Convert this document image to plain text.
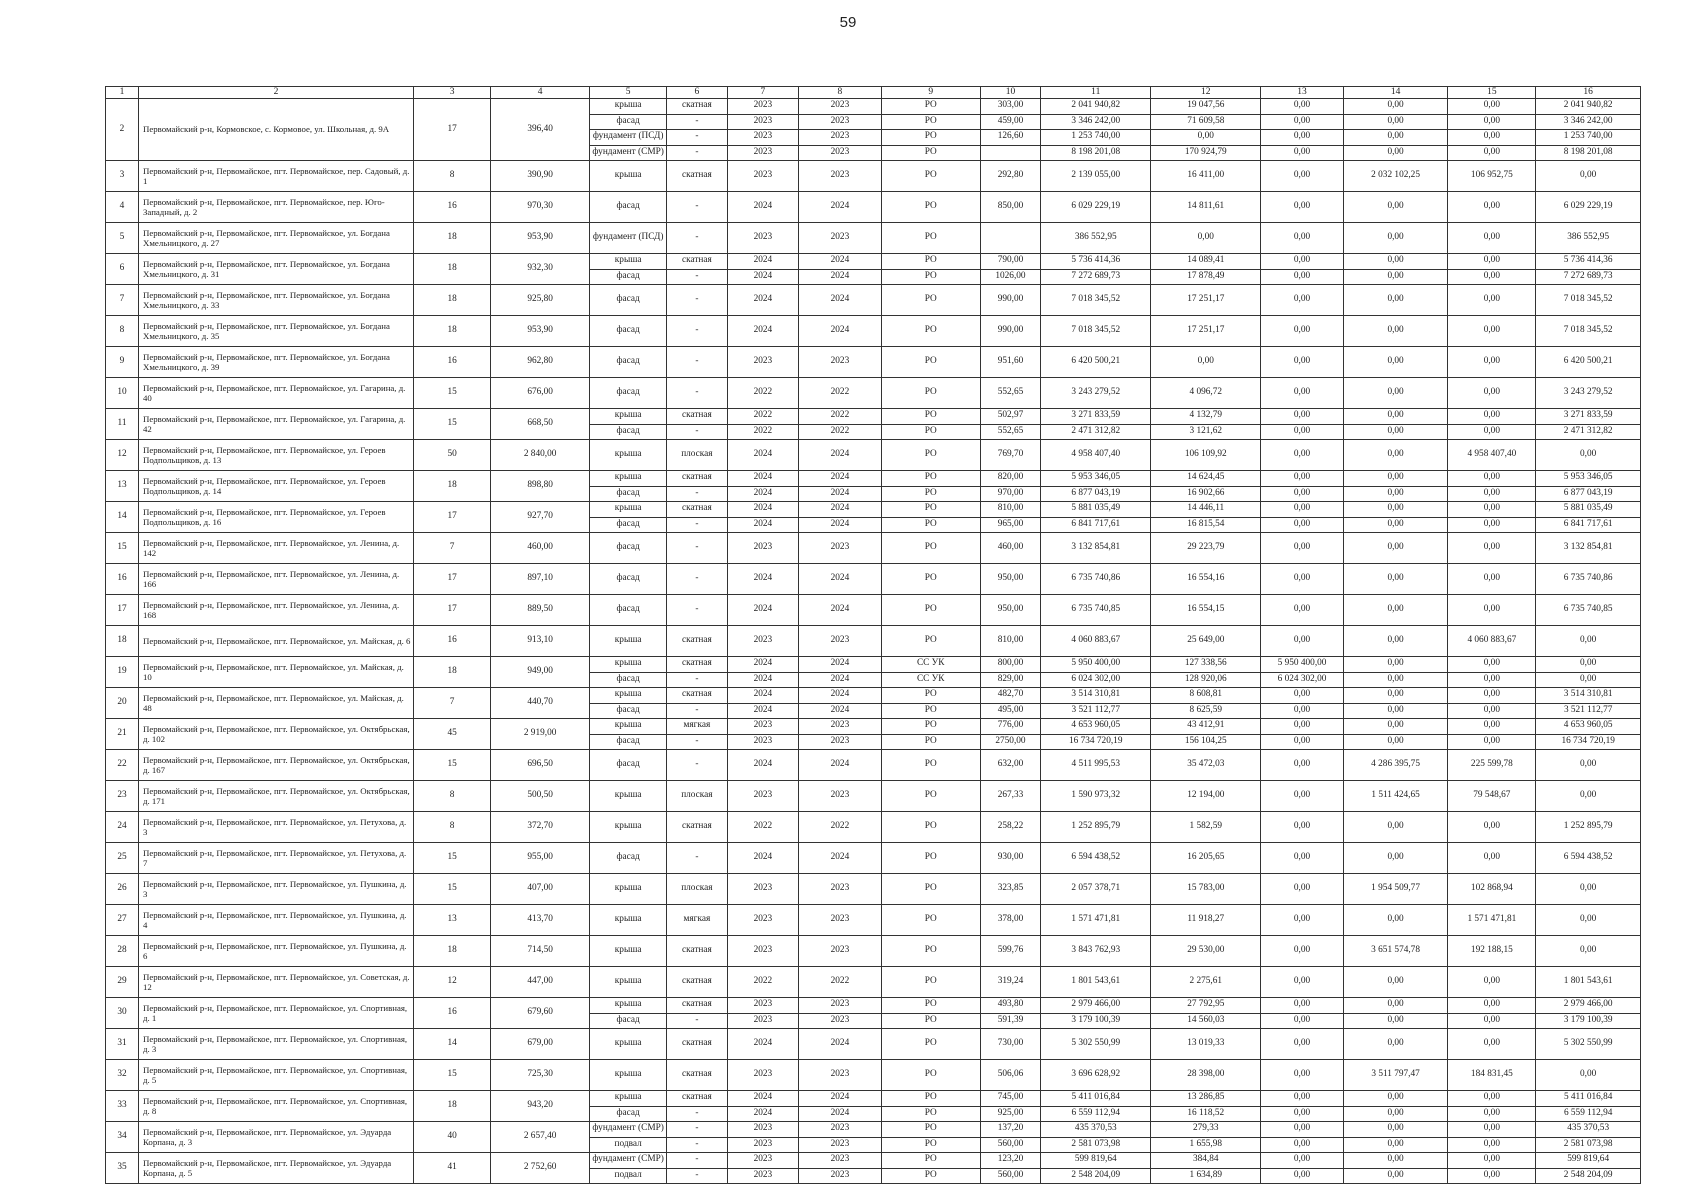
59
1	2	3	4	5	6	7	8	9	10	11	12	13	14	15	16
2	Первомайский р-н, Кормовское, с. Кормовое, ул. Школьная, д. 9А	17	396,40	крыша	скатная	2023	2023	РО	303,00	2 041 940,82	19 047,56	0,00	0,00	0,00	2 041 940,82
				фасад	-	2023	2023	РО	459,00	3 346 242,00	71 609,58	0,00	0,00	0,00	3 346 242,00
				фундамент (ПСД)	-	2023	2023	РО	126,60	1 253 740,00	0,00	0,00	0,00	0,00	1 253 740,00
				фундамент (СМР)	-	2023	2023	РО		8 198 201,08	170 924,79	0,00	0,00	0,00	8 198 201,08
3	Первомайский р-н, Первомайское, пгт. Первомайское, пер. Садовый, д. 1	8	390,90	крыша	скатная	2023	2023	РО	292,80	2 139 055,00	16 411,00	0,00	2 032 102,25	106 952,75	0,00
4	Первомайский р-н, Первомайское, пгт. Первомайское, пер. Юго-Западный, д. 2	16	970,30	фасад	-	2024	2024	РО	850,00	6 029 229,19	14 811,61	0,00	0,00	0,00	6 029 229,19
5	Первомайский р-н, Первомайское, пгт. Первомайское, ул. Богдана Хмельницкого, д. 27	18	953,90	фундамент (ПСД)	-	2023	2023	РО		386 552,95	0,00	0,00	0,00	0,00	386 552,95
6	Первомайский р-н, Первомайское, пгт. Первомайское, ул. Богдана Хмельницкого, д. 31	18	932,30	крыша	скатная	2024	2024	РО	790,00	5 736 414,36	14 089,41	0,00	0,00	0,00	5 736 414,36
				фасад	-	2024	2024	РО	1026,00	7 272 689,73	17 878,49	0,00	0,00	0,00	7 272 689,73
7	Первомайский р-н, Первомайское, пгт. Первомайское, ул. Богдана Хмельницкого, д. 33	18	925,80	фасад	-	2024	2024	РО	990,00	7 018 345,52	17 251,17	0,00	0,00	0,00	7 018 345,52
8	Первомайский р-н, Первомайское, пгт. Первомайское, ул. Богдана Хмельницкого, д. 35	18	953,90	фасад	-	2024	2024	РО	990,00	7 018 345,52	17 251,17	0,00	0,00	0,00	7 018 345,52
9	Первомайский р-н, Первомайское, пгт. Первомайское, ул. Богдана Хмельницкого, д. 39	16	962,80	фасад	-	2023	2023	РО	951,60	6 420 500,21	0,00	0,00	0,00	0,00	6 420 500,21
10	Первомайский р-н, Первомайское, пгт. Первомайское, ул. Гагарина, д. 40	15	676,00	фасад	-	2022	2022	РО	552,65	3 243 279,52	4 096,72	0,00	0,00	0,00	3 243 279,52
11	Первомайский р-н, Первомайское, пгт. Первомайское, ул. Гагарина, д. 42	15	668,50	крыша	скатная	2022	2022	РО	502,97	3 271 833,59	4 132,79	0,00	0,00	0,00	3 271 833,59
				фасад	-	2022	2022	РО	552,65	2 471 312,82	3 121,62	0,00	0,00	0,00	2 471 312,82
12	Первомайский р-н, Первомайское, пгт. Первомайское, ул. Героев Подпольщиков, д. 13	50	2 840,00	крыша	плоская	2024	2024	РО	769,70	4 958 407,40	106 109,92	0,00	0,00	4 958 407,40	0,00
13	Первомайский р-н, Первомайское, пгт. Первомайское, ул. Героев Подпольщиков, д. 14	18	898,80	крыша	скатная	2024	2024	РО	820,00	5 953 346,05	14 624,45	0,00	0,00	0,00	5 953 346,05
				фасад	-	2024	2024	РО	970,00	6 877 043,19	16 902,66	0,00	0,00	0,00	6 877 043,19
14	Первомайский р-н, Первомайское, пгт. Первомайское, ул. Героев Подпольщиков, д. 16	17	927,70	крыша	скатная	2024	2024	РО	810,00	5 881 035,49	14 446,11	0,00	0,00	0,00	5 881 035,49
				фасад	-	2024	2024	РО	965,00	6 841 717,61	16 815,54	0,00	0,00	0,00	6 841 717,61
15	Первомайский р-н, Первомайское, пгт. Первомайское, ул. Ленина, д. 142	7	460,00	фасад	-	2023	2023	РО	460,00	3 132 854,81	29 223,79	0,00	0,00	0,00	3 132 854,81
16	Первомайский р-н, Первомайское, пгт. Первомайское, ул. Ленина, д. 166	17	897,10	фасад	-	2024	2024	РО	950,00	6 735 740,86	16 554,16	0,00	0,00	0,00	6 735 740,86
17	Первомайский р-н, Первомайское, пгт. Первомайское, ул. Ленина, д. 168	17	889,50	фасад	-	2024	2024	РО	950,00	6 735 740,85	16 554,15	0,00	0,00	0,00	6 735 740,85
18	Первомайский р-н, Первомайское, пгт. Первомайское, ул. Майская, д. 6	16	913,10	крыша	скатная	2023	2023	РО	810,00	4 060 883,67	25 649,00	0,00	0,00	4 060 883,67	0,00
19	Первомайский р-н, Первомайское, пгт. Первомайское, ул. Майская, д. 10	18	949,00	крыша	скатная	2024	2024	СС УК	800,00	5 950 400,00	127 338,56	5 950 400,00	0,00	0,00	0,00
				фасад	-	2024	2024	СС УК	829,00	6 024 302,00	128 920,06	6 024 302,00	0,00	0,00	0,00
20	Первомайский р-н, Первомайское, пгт. Первомайское, ул. Майская, д. 48	7	440,70	крыша	скатная	2024	2024	РО	482,70	3 514 310,81	8 608,81	0,00	0,00	0,00	3 514 310,81
				фасад	-	2024	2024	РО	495,00	3 521 112,77	8 625,59	0,00	0,00	0,00	3 521 112,77
21	Первомайский р-н, Первомайское, пгт. Первомайское, ул. Октябрьская, д. 102	45	2 919,00	крыша	мягкая	2023	2023	РО	776,00	4 653 960,05	43 412,91	0,00	0,00	0,00	4 653 960,05
				фасад	-	2023	2023	РО	2750,00	16 734 720,19	156 104,25	0,00	0,00	0,00	16 734 720,19
22	Первомайский р-н, Первомайское, пгт. Первомайское, ул. Октябрьская, д. 167	15	696,50	фасад	-	2024	2024	РО	632,00	4 511 995,53	35 472,03	0,00	4 286 395,75	225 599,78	0,00
23	Первомайский р-н, Первомайское, пгт. Первомайское, ул. Октябрьская, д. 171	8	500,50	крыша	плоская	2023	2023	РО	267,33	1 590 973,32	12 194,00	0,00	1 511 424,65	79 548,67	0,00
24	Первомайский р-н, Первомайское, пгт. Первомайское, ул. Петухова, д. 3	8	372,70	крыша	скатная	2022	2022	РО	258,22	1 252 895,79	1 582,59	0,00	0,00	0,00	1 252 895,79
25	Первомайский р-н, Первомайское, пгт. Первомайское, ул. Петухова, д. 7	15	955,00	фасад	-	2024	2024	РО	930,00	6 594 438,52	16 205,65	0,00	0,00	0,00	6 594 438,52
26	Первомайский р-н, Первомайское, пгт. Первомайское, ул. Пушкина, д. 3	15	407,00	крыша	плоская	2023	2023	РО	323,85	2 057 378,71	15 783,00	0,00	1 954 509,77	102 868,94	0,00
27	Первомайский р-н, Первомайское, пгт. Первомайское, ул. Пушкина, д. 4	13	413,70	крыша	мягкая	2023	2023	РО	378,00	1 571 471,81	11 918,27	0,00	0,00	1 571 471,81	0,00
28	Первомайский р-н, Первомайское, пгт. Первомайское, ул. Пушкина, д. 6	18	714,50	крыша	скатная	2023	2023	РО	599,76	3 843 762,93	29 530,00	0,00	3 651 574,78	192 188,15	0,00
29	Первомайский р-н, Первомайское, пгт. Первомайское, ул. Советская, д. 12	12	447,00	крыша	скатная	2022	2022	РО	319,24	1 801 543,61	2 275,61	0,00	0,00	0,00	1 801 543,61
30	Первомайский р-н, Первомайское, пгт. Первомайское, ул. Спортивная, д. 1	16	679,60	крыша	скатная	2023	2023	РО	493,80	2 979 466,00	27 792,95	0,00	0,00	0,00	2 979 466,00
				фасад	-	2023	2023	РО	591,39	3 179 100,39	14 560,03	0,00	0,00	0,00	3 179 100,39
31	Первомайский р-н, Первомайское, пгт. Первомайское, ул. Спортивная, д. 3	14	679,00	крыша	скатная	2024	2024	РО	730,00	5 302 550,99	13 019,33	0,00	0,00	0,00	5 302 550,99
32	Первомайский р-н, Первомайское, пгт. Первомайское, ул. Спортивная, д. 5	15	725,30	крыша	скатная	2023	2023	РО	506,06	3 696 628,92	28 398,00	0,00	3 511 797,47	184 831,45	0,00
33	Первомайский р-н, Первомайское, пгт. Первомайское, ул. Спортивная, д. 8	18	943,20	крыша	скатная	2024	2024	РО	745,00	5 411 016,84	13 286,85	0,00	0,00	0,00	5 411 016,84
				фасад	-	2024	2024	РО	925,00	6 559 112,94	16 118,52	0,00	0,00	0,00	6 559 112,94
34	Первомайский р-н, Первомайское, пгт. Первомайское, ул. Эдуарда Корпана, д. 3	40	2 657,40	фундамент (СМР)	-	2023	2023	РО	137,20	435 370,53	279,33	0,00	0,00	0,00	435 370,53
				подвал	-	2023	2023	РО	560,00	2 581 073,98	1 655,98	0,00	0,00	0,00	2 581 073,98
35	Первомайский р-н, Первомайское, пгт. Первомайское, ул. Эдуарда Корпана, д. 5	41	2 752,60	фундамент (СМР)	-	2023	2023	РО	123,20	599 819,64	384,84	0,00	0,00	0,00	599 819,64
				подвал	-	2023	2023	РО	560,00	2 548 204,09	1 634,89	0,00	0,00	0,00	2 548 204,09
